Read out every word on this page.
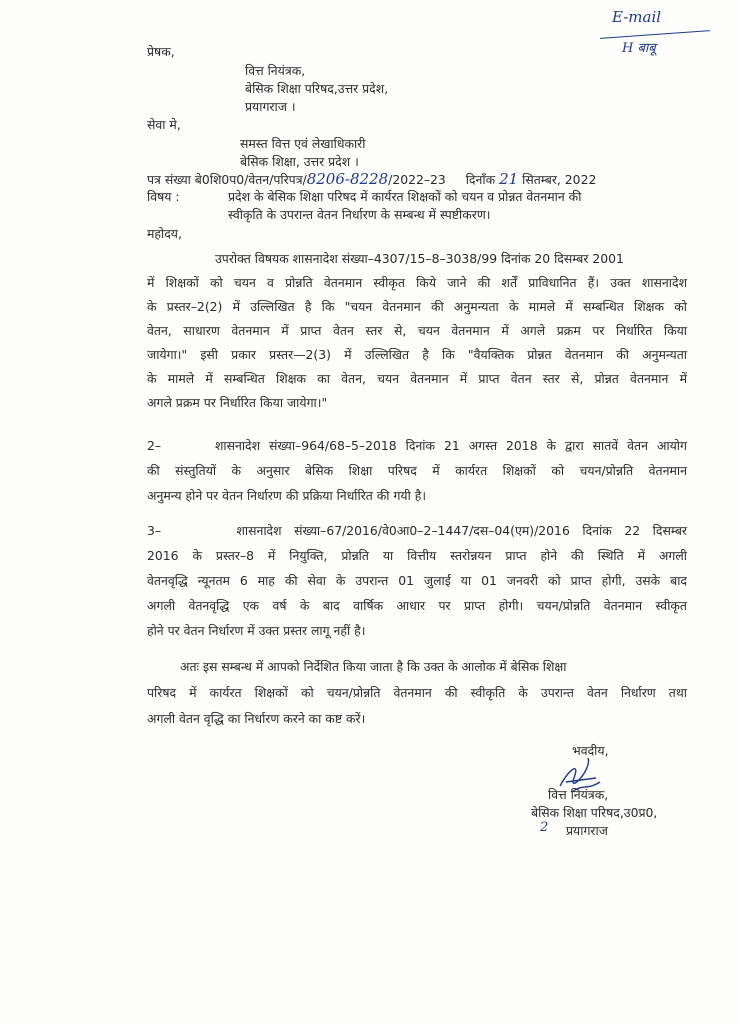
E-mail
H बाबू
प्रेषक,
वित्त नियंत्रक,
बेसिक शिक्षा परिषद,उत्तर प्रदेश,
प्रयागराज ।
सेवा मे,
समस्त वित्त एवं लेखाधिकारी
बेसिक शिक्षा, उत्तर प्रदेश ।
पत्र संख्या बे0शि0प0/वेतन/परिपत्र/8206-8228/2022–23 दिनाँक 21 सितम्बर, 2022
विषय :	प्रदेश के बेसिक शिक्षा परिषद में कार्यरत शिक्षकों को चयन व प्रोन्नत वेतनमान की
स्वीकृति के उपरान्त वेतन निर्धारण के सम्बन्ध में स्पष्टीकरण।
महोदय,
उपरोक्त विषयक शासनादेश संख्या–4307/15–8–3038/99 दिनांक 20 दिसम्बर 2001
में शिक्षकों को चयन व प्रोन्नति वेतनमान स्वीकृत किये जाने की शर्तें प्राविधानित हैं। उक्त शासनादेश
के प्रस्तर–2(2) में उल्लिखित है कि "चयन वेतनमान की अनुमन्यता के मामले में सम्बन्धित शिक्षक को
वेतन, साधारण वेतनमान में प्राप्त वेतन स्तर से, चयन वेतनमान में अगले प्रक्रम पर निर्धारित किया
जायेगा।" इसी प्रकार प्रस्तर—2(3) में उल्लिखित है कि "वैयक्तिक प्रोन्नत वेतनमान की अनुमन्यता
के मामले में सम्बन्धित शिक्षक का वेतन, चयन वेतनमान में प्राप्त वेतन स्तर से, प्रोन्नत वेतनमान में
अगले प्रक्रम पर निर्धारित किया जायेगा।"
2–      शासनादेश संख्या–964/68–5–2018 दिनांक 21 अगस्त 2018 के द्वारा सातवें वेतन आयोग
की संस्तुतियों के अनुसार बेसिक शिक्षा परिषद में कार्यरत शिक्षकों को चयन/प्रोन्नति वेतनमान
अनुमन्य होने पर वेतन निर्धारण की प्रक्रिया निर्धारित की गयी है।
3–      शासनादेश संख्या–67/2016/वे0आ0–2–1447/दस–04(एम)/2016 दिनांक 22 दिसम्बर
2016 के प्रस्तर–8 में नियुक्ति, प्रोन्नति या वित्तीय स्तरोन्नयन प्राप्त होने की स्थिति में अगली
वेतनवृद्धि न्यूनतम 6 माह की सेवा के उपरान्त 01 जुलाई या 01 जनवरी को प्राप्त होगी, उसके बाद
अगली वेतनवृद्धि एक वर्ष के बाद वार्षिक आधार पर प्राप्त होगी। चयन/प्रोन्नति वेतनमान स्वीकृत
होने पर वेतन निर्धारण में उक्त प्रस्तर लागू नहीं है।
अतः इस सम्बन्ध में आपको निर्देशित किया जाता है कि उक्त के आलोक में बेसिक शिक्षा
परिषद में कार्यरत शिक्षकों को चयन/प्रोन्नति वेतनमान की स्वीकृति के उपरान्त वेतन निर्धारण तथा
अगली वेतन वृद्धि का निर्धारण करने का कष्ट करें।
भवदीय,
वित्त नियंत्रक,
बेसिक शिक्षा परिषद,उ0प्र0,
2 प्रयागराज
